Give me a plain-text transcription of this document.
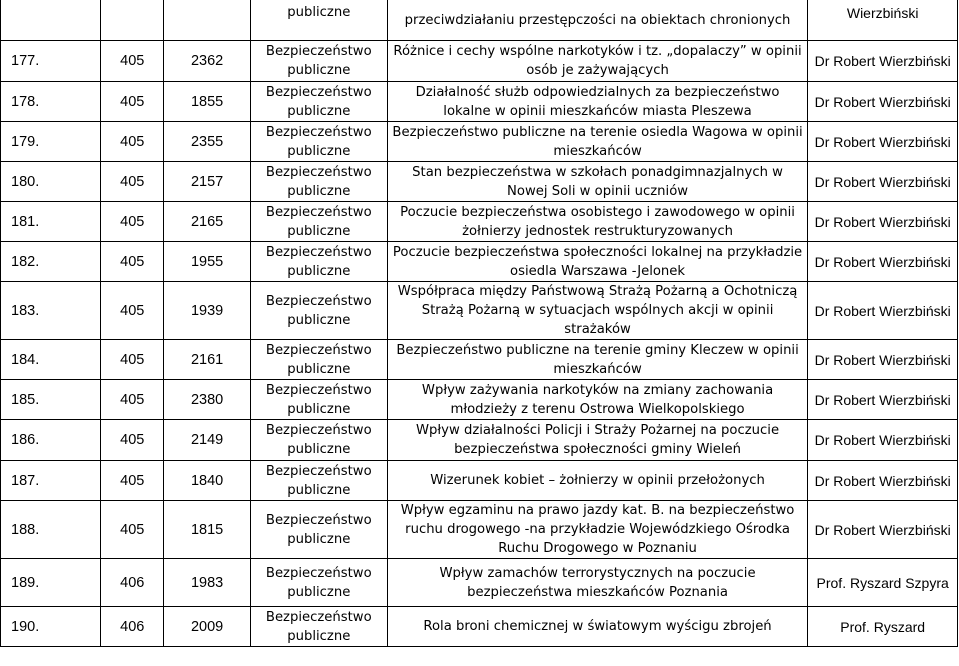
			publiczne	przeciwdziałaniu przestępczości na obiektach chronionych	Wierzbiński
177.	405	2362	Bezpieczeństwo publiczne	Różnice i cechy wspólne narkotyków i tz. „dopalaczy” w opinii osób je zażywających	Dr Robert Wierzbiński
178.	405	1855	Bezpieczeństwo publiczne	Działalność służb odpowiedzialnych za bezpieczeństwo lokalne w opinii mieszkańców miasta Pleszewa	Dr Robert Wierzbiński
179.	405	2355	Bezpieczeństwo publiczne	Bezpieczeństwo publiczne na terenie osiedla Wagowa w opinii mieszkańców	Dr Robert Wierzbiński
180.	405	2157	Bezpieczeństwo publiczne	Stan bezpieczeństwa w szkołach ponadgimnazjalnych w Nowej Soli w opinii uczniów	Dr Robert Wierzbiński
181.	405	2165	Bezpieczeństwo publiczne	Poczucie bezpieczeństwa osobistego i zawodowego w opinii żołnierzy jednostek restrukturyzowanych	Dr Robert Wierzbiński
182.	405	1955	Bezpieczeństwo publiczne	Poczucie bezpieczeństwa społeczności lokalnej na przykładzie osiedla Warszawa -Jelonek	Dr Robert Wierzbiński
183.	405	1939	Bezpieczeństwo publiczne	Współpraca między Państwową Strażą Pożarną a Ochotniczą Strażą Pożarną w sytuacjach wspólnych akcji w opinii strażaków	Dr Robert Wierzbiński
184.	405	2161	Bezpieczeństwo publiczne	Bezpieczeństwo publiczne na terenie gminy Kleczew w opinii mieszkańców	Dr Robert Wierzbiński
185.	405	2380	Bezpieczeństwo publiczne	Wpływ zażywania narkotyków na zmiany zachowania młodzieży z terenu Ostrowa Wielkopolskiego	Dr Robert Wierzbiński
186.	405	2149	Bezpieczeństwo publiczne	Wpływ działalności Policji i Straży Pożarnej na poczucie bezpieczeństwa społeczności gminy Wieleń	Dr Robert Wierzbiński
187.	405	1840	Bezpieczeństwo publiczne	Wizerunek kobiet – żołnierzy w opinii przełożonych	Dr Robert Wierzbiński
188.	405	1815	Bezpieczeństwo publiczne	Wpływ egzaminu na prawo jazdy kat. B. na bezpieczeństwo ruchu drogowego -na przykładzie Wojewódzkiego Ośrodka Ruchu Drogowego w Poznaniu	Dr Robert Wierzbiński
189.	406	1983	Bezpieczeństwo publiczne	Wpływ zamachów terrorystycznych na poczucie bezpieczeństwa mieszkańców Poznania	Prof. Ryszard Szpyra
190.	406	2009	Bezpieczeństwo publiczne	Rola broni chemicznej w światowym wyścigu zbrojeń	Prof. Ryszard
